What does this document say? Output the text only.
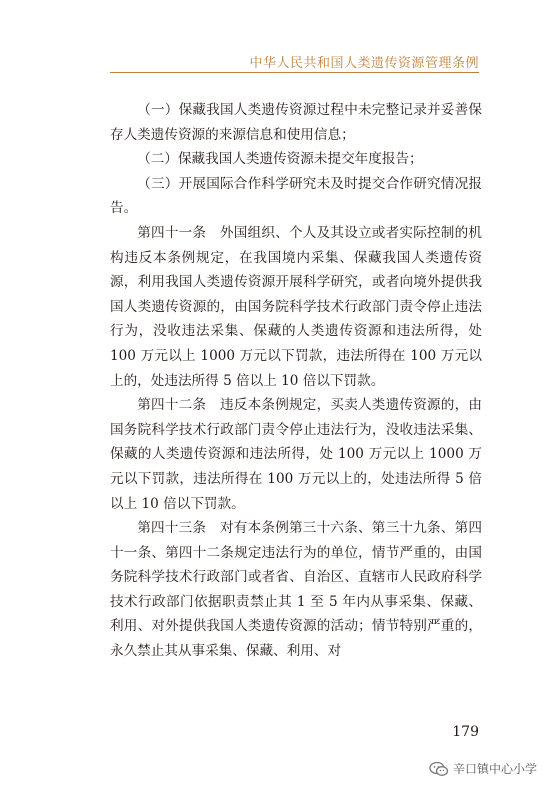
中华人民共和国人类遗传资源管理条例

（一）保藏我国人类遗传资源过程中未完整记录并妥善保存人类遗传资源的来源信息和使用信息；

（二）保藏我国人类遗传资源未提交年度报告；

（三）开展国际合作科学研究未及时提交合作研究情况报告。

第四十一条　外国组织、个人及其设立或者实际控制的机构违反本条例规定，在我国境内采集、保藏我国人类遗传资源，利用我国人类遗传资源开展科学研究，或者向境外提供我国人类遗传资源的，由国务院科学技术行政部门责令停止违法行为，没收违法采集、保藏的人类遗传资源和违法所得，处 100 万元以上 1000 万元以下罚款，违法所得在 100 万元以上的，处违法所得 5 倍以上 10 倍以下罚款。

第四十二条　违反本条例规定，买卖人类遗传资源的，由国务院科学技术行政部门责令停止违法行为，没收违法采集、保藏的人类遗传资源和违法所得，处 100 万元以上 1000 万元以下罚款，违法所得在 100 万元以上的，处违法所得 5 倍以上 10 倍以下罚款。

第四十三条　对有本条例第三十六条、第三十九条、第四十一条、第四十二条规定违法行为的单位，情节严重的，由国务院科学技术行政部门或者省、自治区、直辖市人民政府科学技术行政部门依据职责禁止其 1 至 5 年内从事采集、保藏、利用、对外提供我国人类遗传资源的活动；情节特别严重的，永久禁止其从事采集、保藏、利用、对

179
辛口镇中心小学
